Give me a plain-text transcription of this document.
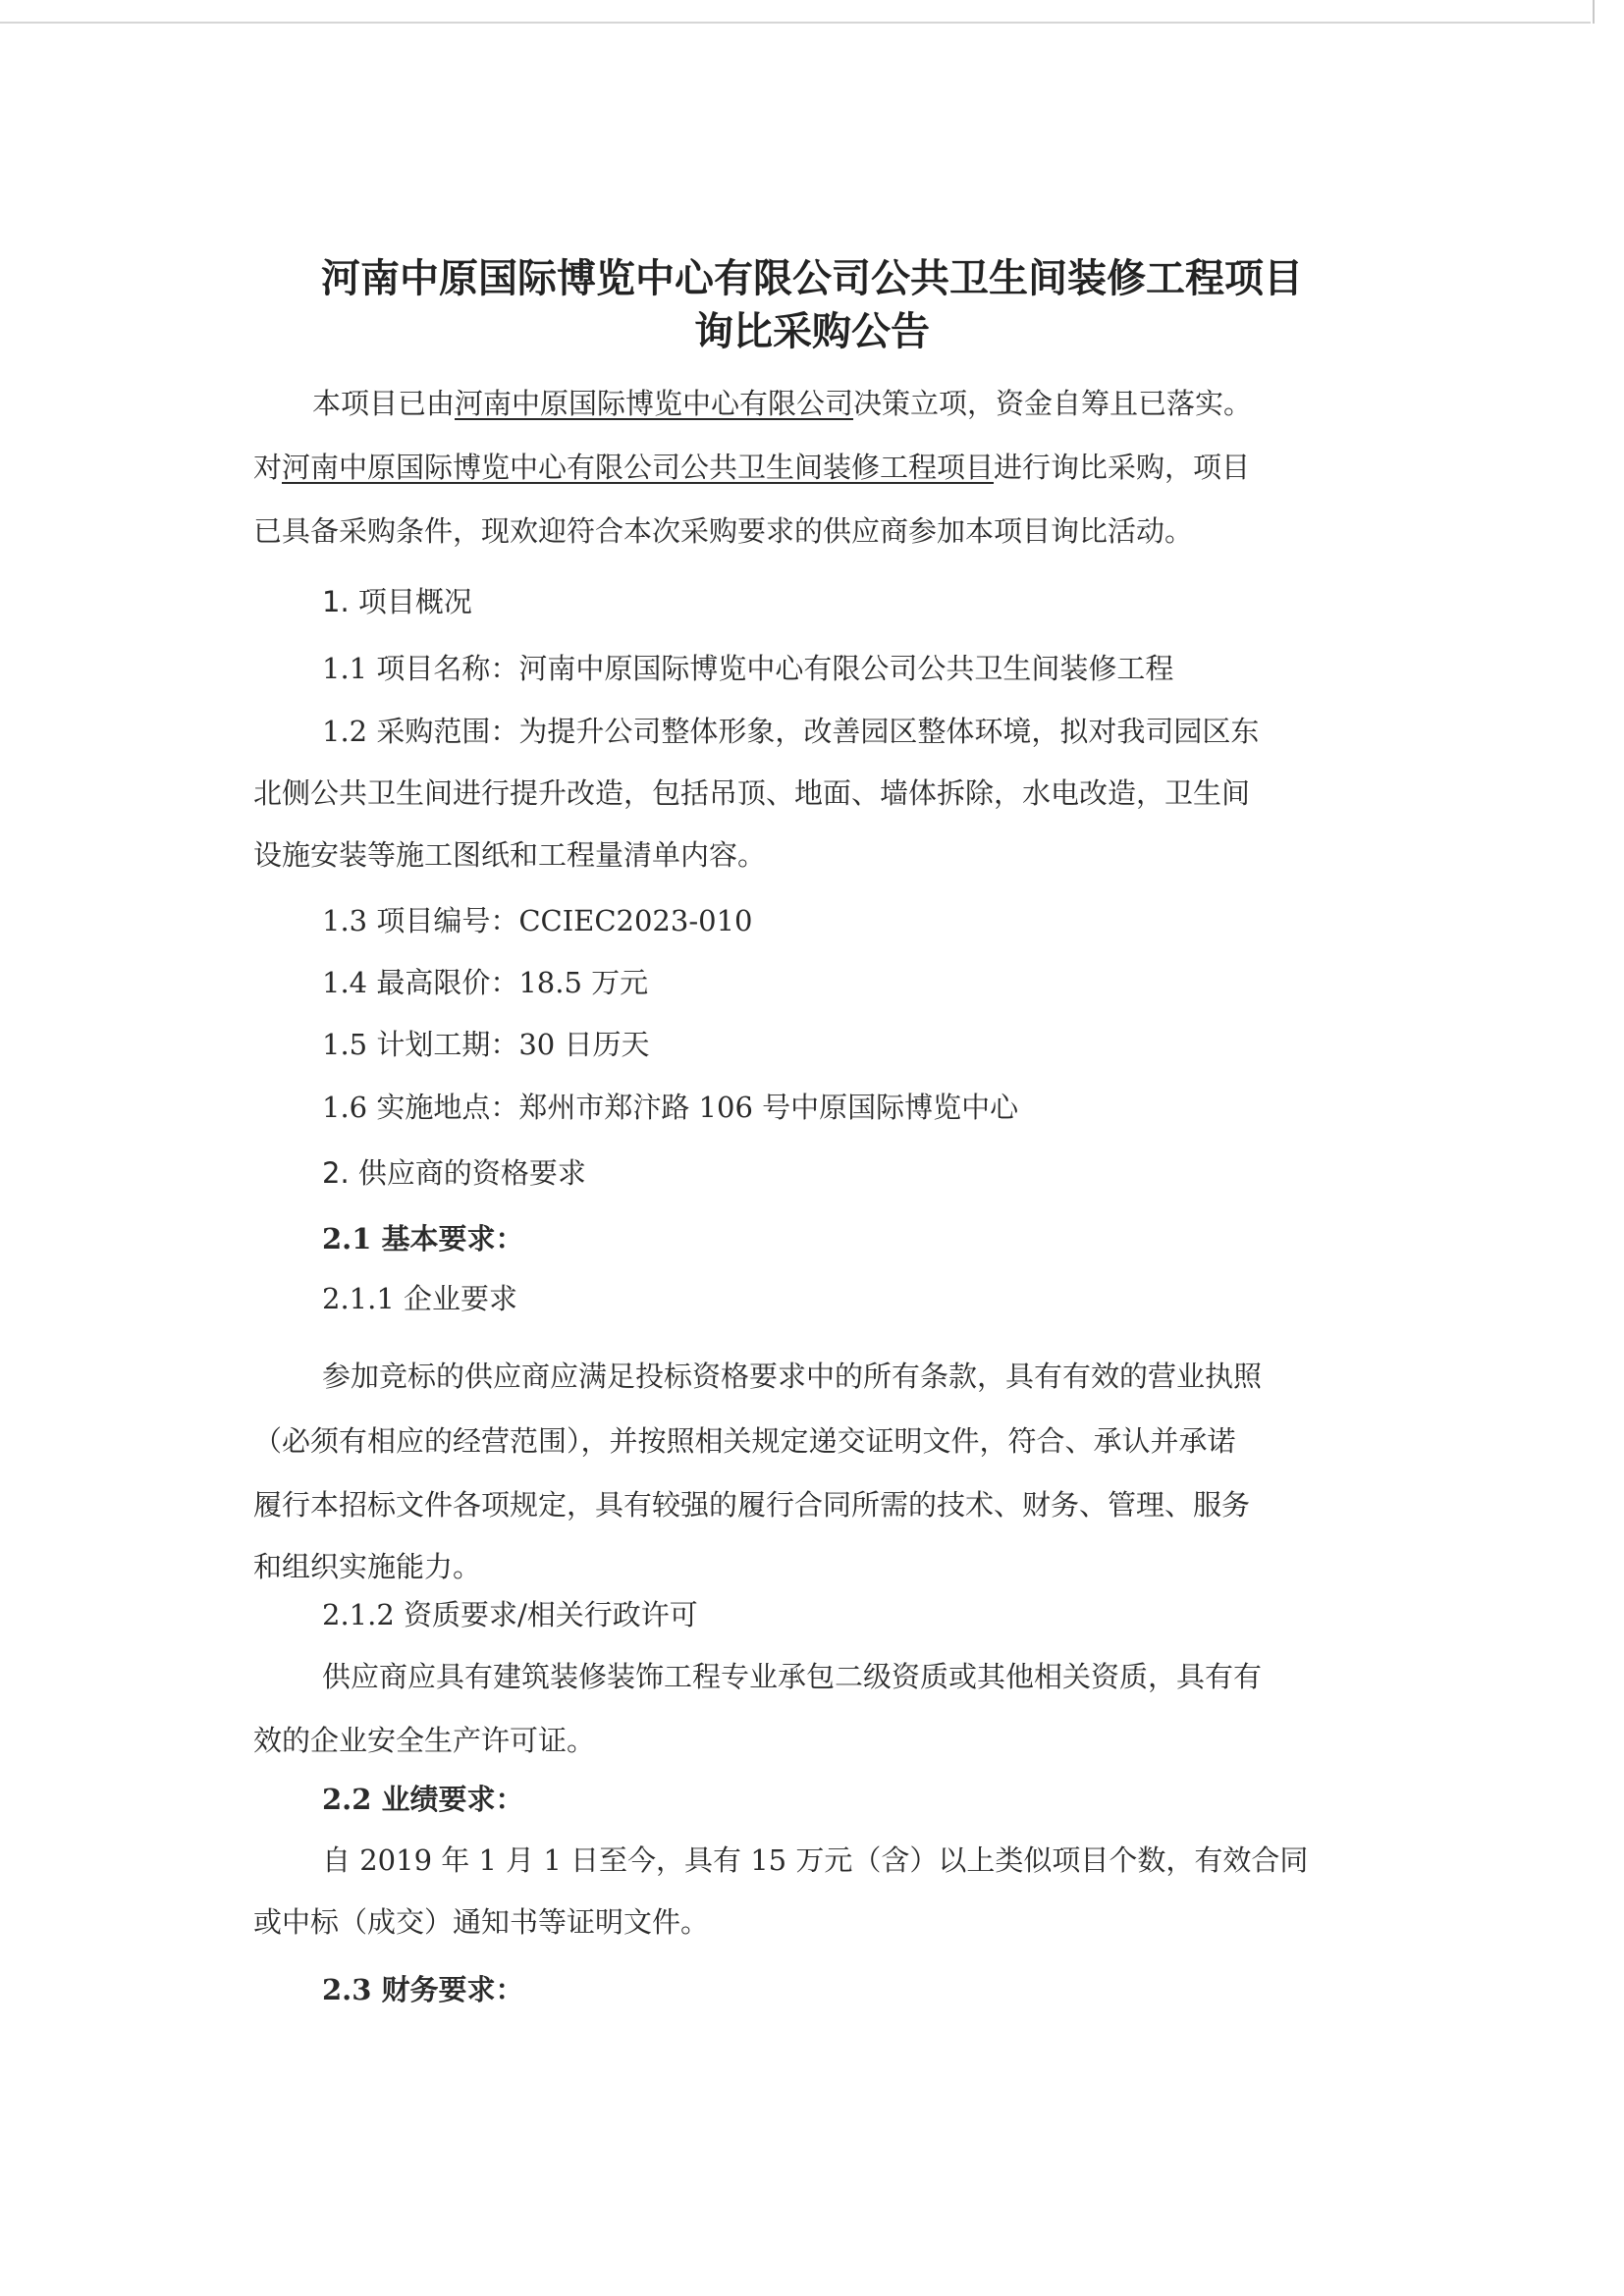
河南中原国际博览中心有限公司公共卫生间装修工程项目
询比采购公告
本项目已由河南中原国际博览中心有限公司决策立项，资金自筹且已落实。
对河南中原国际博览中心有限公司公共卫生间装修工程项目进行询比采购，项目
已具备采购条件，现欢迎符合本次采购要求的供应商参加本项目询比活动。
1. 项目概况
1.1 项目名称：河南中原国际博览中心有限公司公共卫生间装修工程
1.2 采购范围：为提升公司整体形象，改善园区整体环境，拟对我司园区东
北侧公共卫生间进行提升改造，包括吊顶、地面、墙体拆除，水电改造，卫生间
设施安装等施工图纸和工程量清单内容。
1.3 项目编号：CCIEC2023-010
1.4 最高限价：18.5 万元
1.5 计划工期：30 日历天
1.6 实施地点：郑州市郑汴路 106 号中原国际博览中心
2. 供应商的资格要求
2.1 基本要求：
2.1.1 企业要求
参加竞标的供应商应满足投标资格要求中的所有条款，具有有效的营业执照
（必须有相应的经营范围），并按照相关规定递交证明文件，符合、承认并承诺
履行本招标文件各项规定，具有较强的履行合同所需的技术、财务、管理、服务
和组织实施能力。
2.1.2 资质要求/相关行政许可
供应商应具有建筑装修装饰工程专业承包二级资质或其他相关资质，具有有
效的企业安全生产许可证。
2.2 业绩要求：
自 2019 年 1 月 1 日至今，具有 15 万元（含）以上类似项目个数，有效合同
或中标（成交）通知书等证明文件。
2.3 财务要求：
